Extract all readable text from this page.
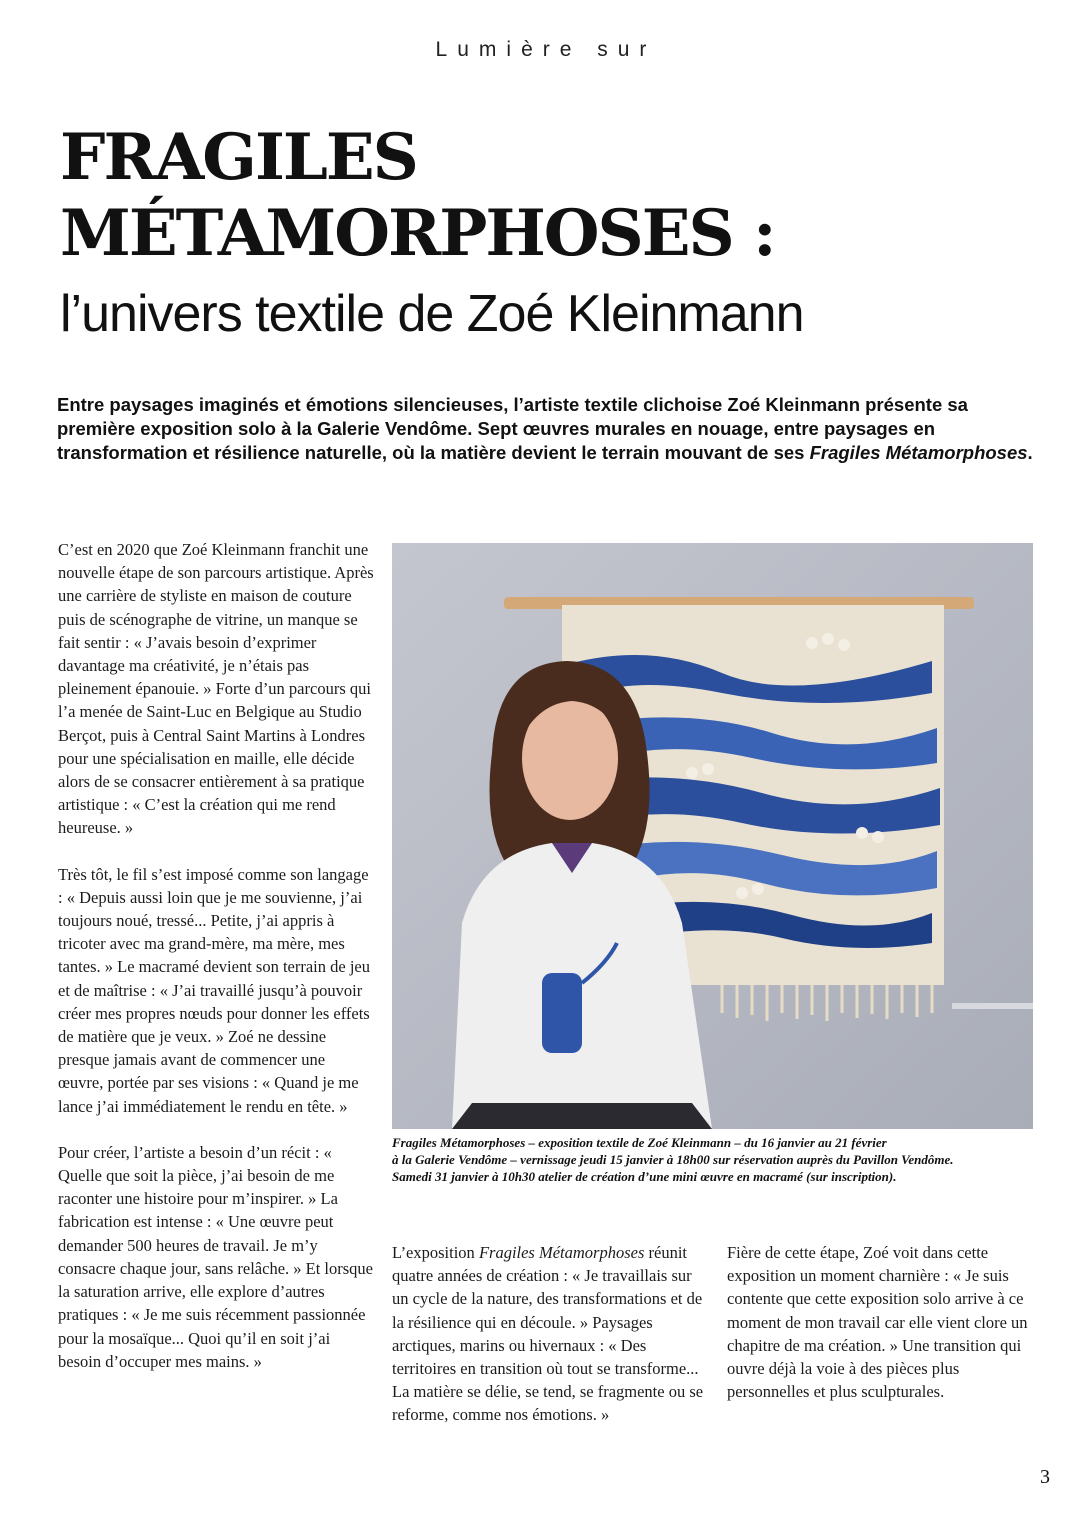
Lumière sur
FRAGILES
MÉTAMORPHOSES :
l’univers textile de Zoé Kleinmann
Entre paysages imaginés et émotions silencieuses, l’artiste textile clichoise Zoé Kleinmann présente sa première exposition solo à la Galerie Vendôme. Sept œuvres murales en nouage, entre paysages en transformation et résilience naturelle, où la matière devient le terrain mouvant de ses Fragiles Métamorphoses.

C’est en 2020 que Zoé Kleinmann franchit une nouvelle étape de son parcours artistique. Après une carrière de styliste en maison de couture puis de scénographe de vitrine, un manque se fait sentir : « J’avais besoin d’exprimer davantage ma créativité, je n’étais pas pleinement épanouie. » Forte d’un parcours qui l’a menée de Saint-Luc en Belgique au Studio Berçot, puis à Central Saint Martins à Londres pour une spécialisation en maille, elle décide alors de se consacrer entièrement à sa pratique artistique : « C’est la création qui me rend heureuse. »

Très tôt, le fil s’est imposé comme son langage : « Depuis aussi loin que je me souvienne, j’ai toujours noué, tressé... Petite, j’ai appris à tricoter avec ma grand-mère, ma mère, mes tantes. » Le macramé devient son terrain de jeu et de maîtrise : « J’ai travaillé jusqu’à pouvoir créer mes propres nœuds pour donner les effets de matière que je veux. » Zoé ne dessine presque jamais avant de commencer une œuvre, portée par ses visions : « Quand je me lance j’ai immédiatement le rendu en tête. »

Pour créer, l’artiste a besoin d’un récit : « Quelle que soit la pièce, j’ai besoin de me raconter une histoire pour m’inspirer. » La fabrication est intense : « Une œuvre peut demander 500 heures de travail. Je m’y consacre chaque jour, sans relâche. » Et lorsque la saturation arrive, elle explore d’autres pratiques : « Je me suis récemment passionnée pour la mosaïque... Quoi qu’il en soit j’ai besoin d’occuper mes mains. »

Fragiles Métamorphoses – exposition textile de Zoé Kleinmann – du 16 janvier au 21 février
à la Galerie Vendôme – vernissage jeudi 15 janvier à 18h00 sur réservation auprès du Pavillon Vendôme.
Samedi 31 janvier à 10h30 atelier de création d’une mini œuvre en macramé (sur inscription).

L’exposition Fragiles Métamorphoses réunit quatre années de création : « Je travaillais sur un cycle de la nature, des transformations et de la résilience qui en découle. » Paysages arctiques, marins ou hivernaux : « Des territoires en transition où tout se transforme... La matière se délie, se tend, se fragmente ou se reforme, comme nos émotions. »

Fière de cette étape, Zoé voit dans cette exposition un moment charnière : « Je suis contente que cette exposition solo arrive à ce moment de mon travail car elle vient clore un chapitre de ma création. » Une transition qui ouvre déjà la voie à des pièces plus personnelles et plus sculpturales.

3
